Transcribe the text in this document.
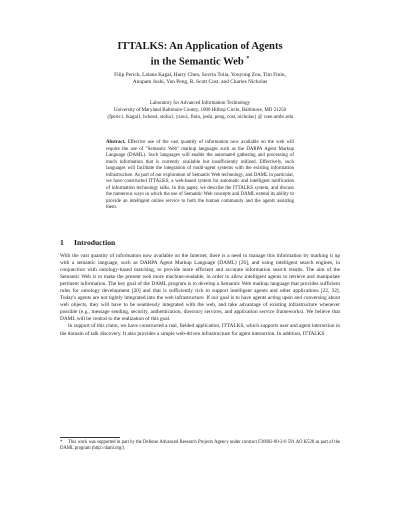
ITTALKS: An Application of Agents
in the Semantic Web *
Filip Perich, Lalana Kagal, Harry Chen, Sovrin Tolia, Youyong Zou, Tim Finin,
Anupam Joshi, Yun Peng, R. Scott Cost, and Charles Nicholas
Laboratory for Advanced Information Technology
University of Maryland Baltimore County, 1000 Hilltop Circle, Baltimore, MD 21250
{fperic1, lkagal1, hchen4, stolia1, yzou1, finin, joshi, peng, cost, nicholas} @ csee.umbc.edu
Abstract. Effective use of the vast quantity of information now available on the web will require the use of "Semantic Web" markup languages such as the DARPA Agent Markup Language (DAML). Such languages will enable the automated gathering and processing of much information that is currently available but insufficiently utilized. Effectively, such languages will facilitate the integration of multi-agent systems with the existing information infrastructure. As part of our exploration of Semantic Web technology, and DAML in particular, we have constructed ITTALKS, a web-based system for automatic and intelligent notification of information technology talks. In this paper, we describe the ITTALKS system, and discuss the numerous ways in which the use of Semantic Web concepts and DAML extend its ability to provide an intelligent online service to both the human community and the agents assisting them.
1 Introduction

With the vast quantity of information now available on the Internet, there is a need to manage this information by marking it up with a semantic language, such as DARPA Agent Markup Language (DAML) [26], and using intelligent search engines, in conjunction with ontology-based matching, to provide more efficient and accurate information search results. The aim of the Semantic Web is to make the present web more machine-readable, in order to allow intelligent agents to retrieve and manipulate pertinent information. The key goal of the DAML program is to develop a Semantic Web markup language that provides sufficient rules for ontology development [20] and that is sufficiently rich to support intelligent agents and other applications [22, 32]. Today's agents are not tightly integrated into the web infrastructure. If our goal is to have agents acting upon and conversing about web objects, they will have to be seamlessly integrated with the web, and take advantage of existing infrastructure whenever possible (e.g., message sending, security, authentication, directory services, and application service frameworks). We believe that DAML will be central to the realization of this goal.

In support of this claim, we have constructed a real, fielded application, ITTALKS, which supports user and agent interaction in the domain of talk discovery. It also provides a simple web-driven infrastructure for agent interaction. In addition, ITTALKS

* This work was supported in part by the Defense Advanced Research Projects Agency under contract F30602-00-2-0 591 AO K528 as part of the DAML program (http://daml.org/).
